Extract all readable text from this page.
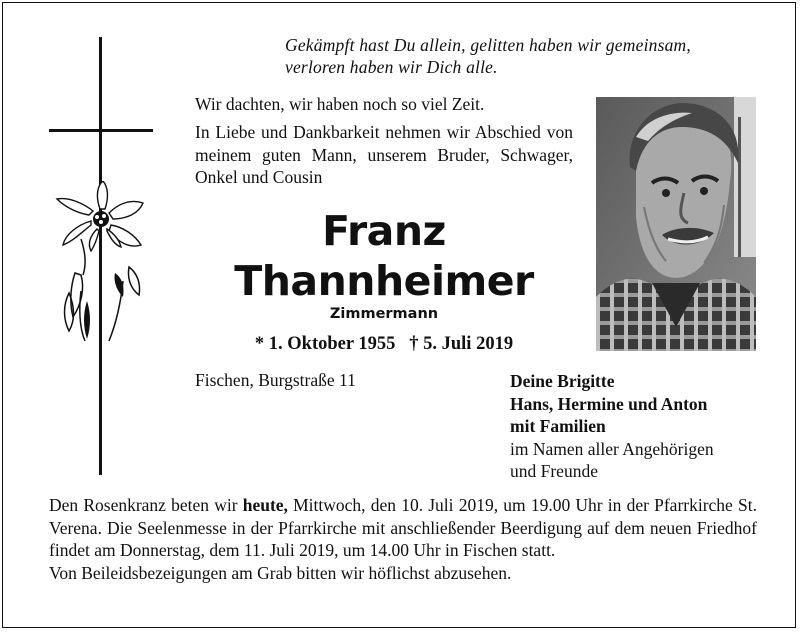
Gekämpft hast Du allein, gelitten haben wir gemeinsam,
verloren haben wir Dich alle.
Wir dachten, wir haben noch so viel Zeit.
In Liebe und Dankbarkeit nehmen wir Abschied von meinem guten Mann, unserem Bruder, Schwager, Onkel und Cousin
Franz
Thannheimer
Zimmermann
* 1. Oktober 1955 † 5. Juli 2019
Fischen, Burgstraße 11	Deine Brigitte
Hans, Hermine und Anton
mit Familien
im Namen aller Angehörigen
und Freunde
Den Rosenkranz beten wir heute, Mittwoch, den 10. Juli 2019, um 19.00 Uhr in der Pfarrkirche St. Verena. Die Seelenmesse in der Pfarrkirche mit anschließender Beerdigung auf dem neuen Friedhof findet am Donnerstag, dem 11. Juli 2019, um 14.00 Uhr in Fischen statt.
Von Beileidsbezeigungen am Grab bitten wir höflichst abzusehen.
